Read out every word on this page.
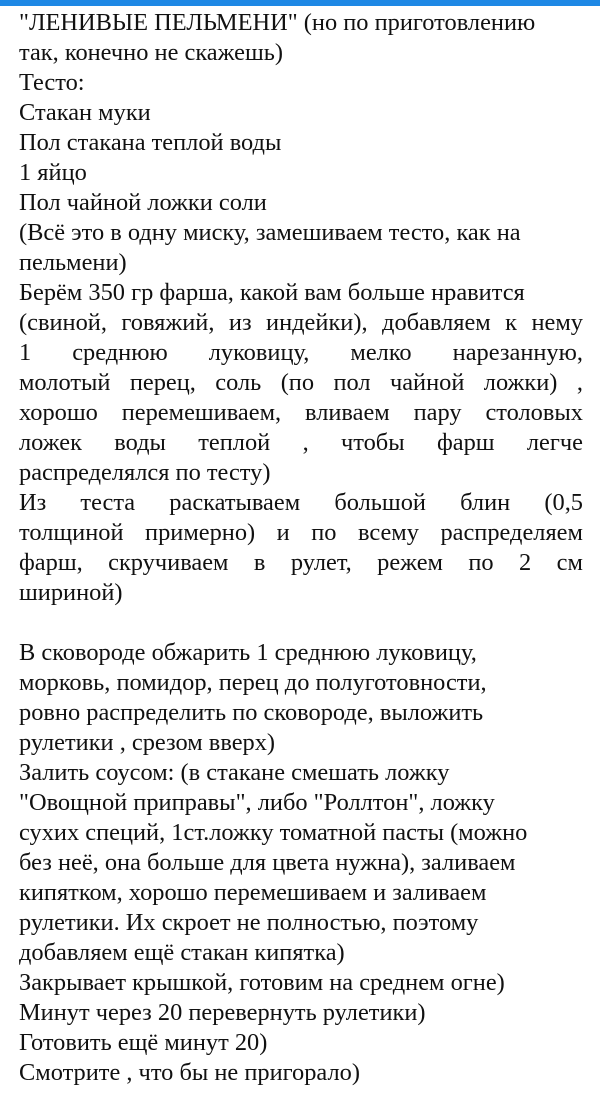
"ЛЕНИВЫЕ ПЕЛЬМЕНИ" (но по приготовлению
так, конечно не скажешь)
Тесто:
Стакан муки
Пол стакана теплой воды
1 яйцо
Пол чайной ложки соли
(Всё это в одну миску, замешиваем тесто, как на
пельмени)
Берём 350 гр фарша, какой вам больше нравится
(свиной, говяжий, из индейки), добавляем к нему
1 среднюю луковицу, мелко нарезанную,
молотый перец, соль (по пол чайной ложки) ,
хорошо перемешиваем, вливаем пару столовых
ложек воды теплой , чтобы фарш легче
распределялся по тесту)
Из теста раскатываем большой блин (0,5
толщиной примерно) и по всему распределяем
фарш, скручиваем в рулет, режем по 2 см
шириной)
В сковороде обжарить 1 среднюю луковицу,
морковь, помидор, перец до полуготовности,
ровно распределить по сковороде, выложить
рулетики , срезом вверх)
Залить соусом: (в стакане смешать ложку
"Овощной приправы", либо "Роллтон", ложку
сухих специй, 1ст.ложку томатной пасты (можно
без неё, она больше для цвета нужна), заливаем
кипятком, хорошо перемешиваем и заливаем
рулетики. Их скроет не полностью, поэтому
добавляем ещё стакан кипятка)
Закрывает крышкой, готовим на среднем огне)
Минут через 20 перевернуть рулетики)
Готовить ещё минут 20)
Смотрите , что бы не пригорало)
